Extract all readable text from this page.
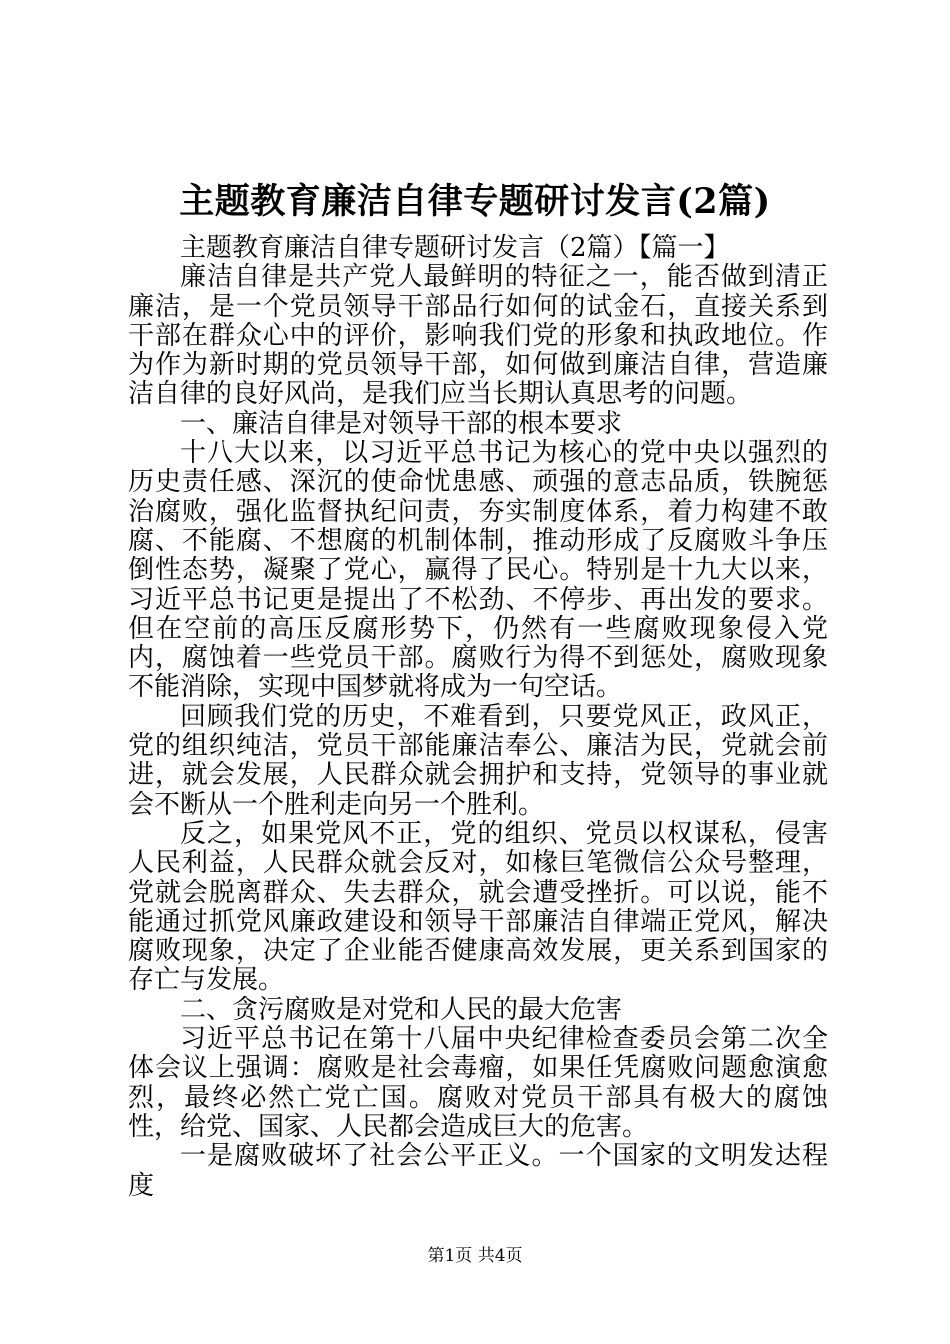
主题教育廉洁自律专题研讨发言(2篇)

主题教育廉洁自律专题研讨发言（2篇）【篇一】

廉洁自律是共产党人最鲜明的特征之一，能否做到清正廉洁，是一个党员领导干部品行如何的试金石，直接关系到干部在群众心中的评价，影响我们党的形象和执政地位。作为作为新时期的党员领导干部，如何做到廉洁自律，营造廉洁自律的良好风尚，是我们应当长期认真思考的问题。

一、廉洁自律是对领导干部的根本要求

十八大以来，以习近平总书记为核心的党中央以强烈的历史责任感、深沉的使命忧患感、顽强的意志品质，铁腕惩治腐败，强化监督执纪问责，夯实制度体系，着力构建不敢腐、不能腐、不想腐的机制体制，推动形成了反腐败斗争压倒性态势，凝聚了党心，赢得了民心。特别是十九大以来，习近平总书记更是提出了不松劲、不停步、再出发的要求。但在空前的高压反腐形势下，仍然有一些腐败现象侵入党内，腐蚀着一些党员干部。腐败行为得不到惩处，腐败现象不能消除，实现中国梦就将成为一句空话。

回顾我们党的历史，不难看到，只要党风正，政风正，党的组织纯洁，党员干部能廉洁奉公、廉洁为民，党就会前进，就会发展，人民群众就会拥护和支持，党领导的事业就会不断从一个胜利走向另一个胜利。

反之，如果党风不正，党的组织、党员以权谋私，侵害人民利益，人民群众就会反对，如椽巨笔微信公众号整理，党就会脱离群众、失去群众，就会遭受挫折。可以说，能不能通过抓党风廉政建设和领导干部廉洁自律端正党风，解决腐败现象，决定了企业能否健康高效发展，更关系到国家的存亡与发展。

二、贪污腐败是对党和人民的最大危害

习近平总书记在第十八届中央纪律检查委员会第二次全体会议上强调：腐败是社会毒瘤，如果任凭腐败问题愈演愈烈，最终必然亡党亡国。腐败对党员干部具有极大的腐蚀性，给党、国家、人民都会造成巨大的危害。

一是腐败破坏了社会公平正义。一个国家的文明发达程度

第1页 共4页
